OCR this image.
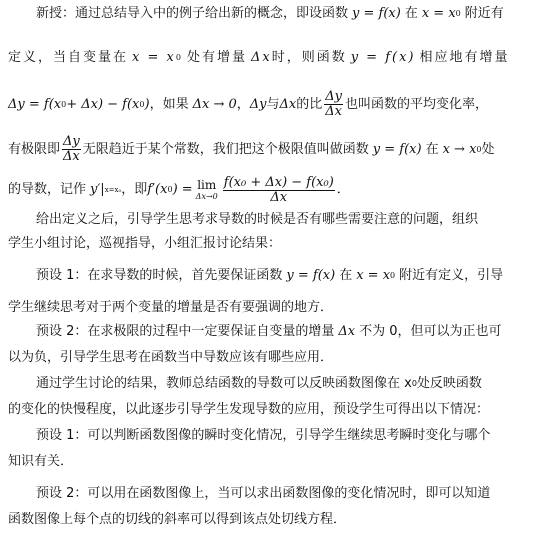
新授：通过总结导入中的例子给出新的概念，即设函数 y = f(x) 在 x = x 0 附近有
定义，当自变量在 x = x 0 处有增量 Δx 时，则函数 y = f(x) 相应地有增量
Δy = f(x 0 + Δx) − f(x 0 ) ，如果 Δx → 0 ， Δy 与 Δx 的比 $\frac{\Delta y}{\Delta x}$ 也叫函数的平均变化率，
有极限即 $\frac{\Delta y}{\Delta x}$ 无限趋近于某个常数，我们把这个极限值叫做函数 y = f(x) 在 x → x 0 处
的导数，记作 y′| x=x₀ ，即 f′(x 0 ) = lim
$\Delta x\to 0 \frac{\text{f(x₀ + Δx) − f(x₀)}}{\Delta x}$ ．
给出定义之后，引导学生思考求导数的时候是否有哪些需要注意的问题，组织
学生小组讨论，巡视指导，小组汇报讨论结果：
预设 1：在求导数的时候，首先要保证函数 y = f(x) 在 x = x 0 附近有定义，引导
学生继续思考对于两个变量的增量是否有要强调的地方．
预设 2：在求极限的过程中一定要保证自变量的增量 Δx 不为 0，但可以为正也可
以为负，引导学生思考在函数当中导数应该有哪些应用．
通过学生讨论的结果，教师总结函数的导数可以反映函数图像在 x 0 处反映函数
的变化的快慢程度，以此逐步引导学生发现导数的应用，预设学生可得出以下情况：
预设 1：可以判断函数图像的瞬时变化情况，引导学生继续思考瞬时变化与哪个
知识有关．
预设 2：可以用在函数图像上，当可以求出函数图像的变化情况时，即可以知道
函数图像上每个点的切线的斜率可以得到该点处切线方程．
